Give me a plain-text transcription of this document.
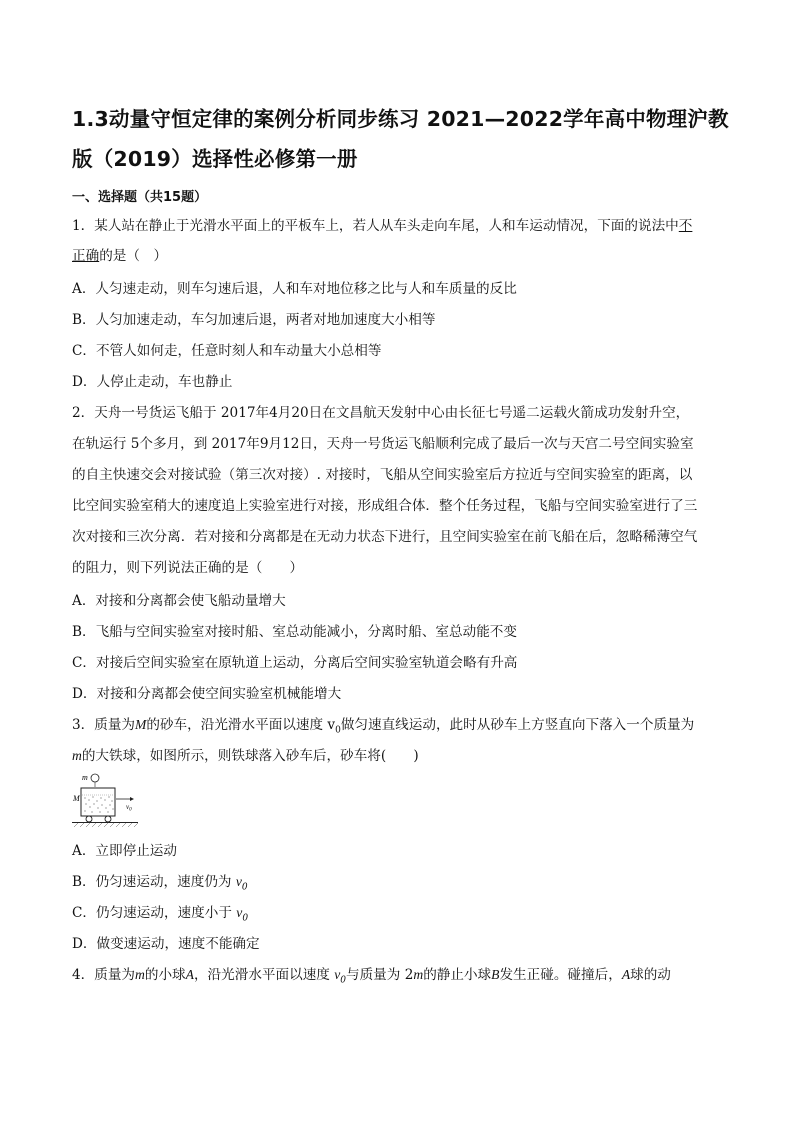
1.3动量守恒定律的案例分析同步练习 2021—2022学年高中物理沪教
版（2019）选择性必修第一册
一、选择题（共15题）
1．某人站在静止于光滑水平面上的平板车上，若人从车头走向车尾，人和车运动情况，下面的说法中不
正确的是（　）
A．人匀速走动，则车匀速后退，人和车对地位移之比与人和车质量的反比
B．人匀加速走动，车匀加速后退，两者对地加速度大小相等
C．不管人如何走，任意时刻人和车动量大小总相等
D．人停止走动，车也静止
2．天舟一号货运飞船于 2017年4月20日在文昌航天发射中心由长征七号遥二运载火箭成功发射升空，
在轨运行 5个多月，到 2017年9月12日，天舟一号货运飞船顺利完成了最后一次与天宫二号空间实验室
的自主快速交会对接试验（第三次对接）. 对接时，飞船从空间实验室后方拉近与空间实验室的距离，以
比空间实验室稍大的速度追上实验室进行对接，形成组合体．整个任务过程，飞船与空间实验室进行了三
次对接和三次分离．若对接和分离都是在无动力状态下进行，且空间实验室在前飞船在后，忽略稀薄空气
的阻力，则下列说法正确的是（　　）
A．对接和分离都会使飞船动量增大
B．飞船与空间实验室对接时船、室总动能减小，分离时船、室总动能不变
C．对接后空间实验室在原轨道上运动，分离后空间实验室轨道会略有升高
D．对接和分离都会使空间实验室机械能增大
3．质量为M的砂车，沿光滑水平面以速度 $v_0$做匀速直线运动，此时从砂车上方竖直向下落入一个质量为
m的大铁球，如图所示，则铁球落入砂车后，砂车将(　　)
m
M
$v_0$
A．立即停止运动
B．仍匀速运动，速度仍为 $v_0$
C．仍匀速运动，速度小于 $v_0$
D．做变速运动，速度不能确定
4．质量为m的小球A，沿光滑水平面以速度 $v_0$与质量为 2m的静止小球B发生正碰。碰撞后，A球的动
